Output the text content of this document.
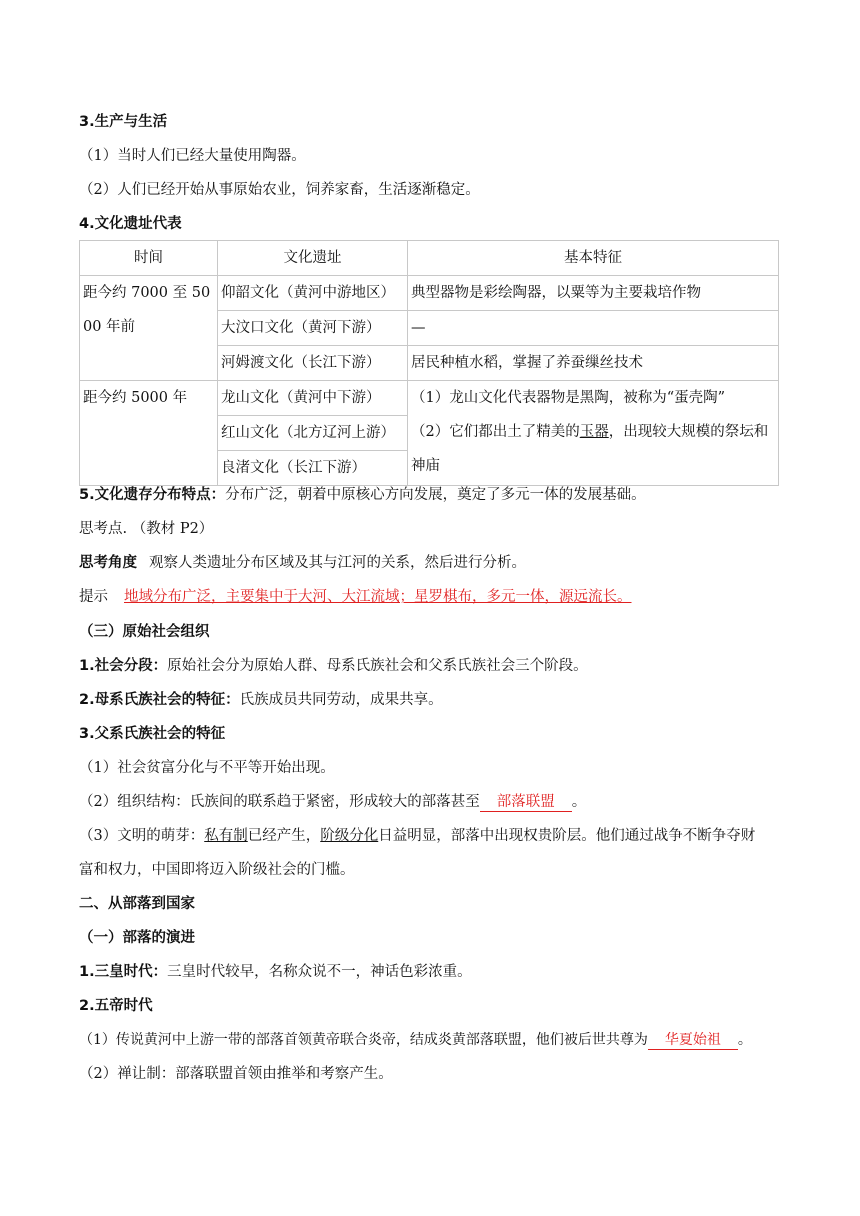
3.生产与生活
（1）当时人们已经大量使用陶器。
（2）人们已经开始从事原始农业，饲养家畜，生活逐渐稳定。
4.文化遗址代表
时间	文化遗址	基本特征
距今约 7000 至 5000 年前	仰韶文化（黄河中游地区）	典型器物是彩绘陶器，以粟等为主要栽培作物
	大汶口文化（黄河下游）	—
	河姆渡文化（长江下游）	居民种植水稻，掌握了养蚕缫丝技术
距今约 5000 年	龙山文化（黄河中下游）	（1）龙山文化代表器物是黑陶，被称为“蛋壳陶”
（2）它们都出土了精美的玉器，出现较大规模的祭坛和神庙
	红山文化（北方辽河上游）	
	良渚文化（长江下游）	
5.文化遗存分布特点：分布广泛，朝着中原核心方向发展，奠定了多元一体的发展基础。
思考点. （教材 P2）
思考角度 观察人类遗址分布区域及其与江河的关系，然后进行分析。
提示 地域分布广泛，主要集中于大河、大江流域；星罗棋布，多元一体，源远流长。
（三）原始社会组织
1.社会分段：原始社会分为原始人群、母系氏族社会和父系氏族社会三个阶段。
2.母系氏族社会的特征：氏族成员共同劳动，成果共享。
3.父系氏族社会的特征
（1）社会贫富分化与不平等开始出现。
（2）组织结构：氏族间的联系趋于紧密，形成较大的部落甚至 部落联盟 。
（3）文明的萌芽：私有制已经产生，阶级分化日益明显，部落中出现权贵阶层。他们通过战争不断争夺财
富和权力，中国即将迈入阶级社会的门槛。
二、从部落到国家
（一）部落的演进
1.三皇时代：三皇时代较早，名称众说不一，神话色彩浓重。
2.五帝时代
（1）传说黄河中上游一带的部落首领黄帝联合炎帝，结成炎黄部落联盟，他们被后世共尊为 华夏始祖 。
（2）禅让制：部落联盟首领由推举和考察产生。
